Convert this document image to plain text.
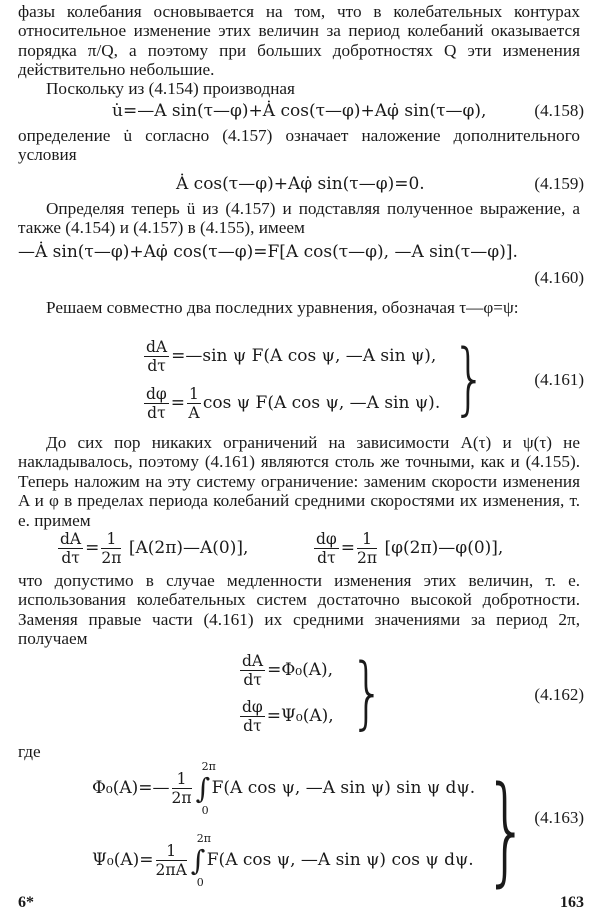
фазы колебания основывается на том, что в колебательных контурах относительное изменение этих величин за период колебаний оказывается порядка π/Q, а поэтому при больших добротностях Q эти изменения действительно небольшие.
Поскольку из (4.154) производная
u̇=—A sin(τ—φ)+Ȧ cos(τ—φ)+Aφ̇ sin(τ—φ),	(4.158)
определение u̇ согласно (4.157) означает наложение дополнительного условия
Ȧ cos(τ—φ)+Aφ̇ sin(τ—φ)=0.	(4.159)
Определяя теперь ü из (4.157) и подставляя полученное выражение, а также (4.154) и (4.157) в (4.155), имеем
—Ȧ sin(τ—φ)+Aφ̇ cos(τ—φ)=F[A cos(τ—φ), —A sin(τ—φ)].
(4.160)
Решаем совместно два последних уравнения, обозначая τ—φ=ψ:
$\frac{dA}{d\tau}$ =—sin ψ F(A cos ψ, —A sin ψ),
$\frac{d\varphi}{d\tau} = \frac{1}{A}$ cos ψ F(A cos ψ, —A sin ψ). }	(4.161)
До сих пор никаких ограничений на зависимости A(τ) и ψ(τ) не накладывалось, поэтому (4.161) являются столь же точными, как и (4.155). Теперь наложим на эту систему ограничение: заменим скорости изменения A и φ в пределах периода колебаний средними скоростями их изменения, т. е. примем
$\frac{dA}{d\tau} = \frac{1}{2\pi}$ [A(2π)—A(0)],	$\frac{d\varphi}{d\tau} = \frac{1}{2\pi}$ [φ(2π)—φ(0)],
что допустимо в случае медленности изменения этих величин, т. е. использования колебательных систем достаточно высокой добротности. Заменяя правые части (4.161) их средними значениями за период 2π, получаем
$\frac{dA}{d\tau} =\Phi_0(A)$,
$\frac{d\varphi}{d\tau} =\Psi_0(A)$, }	(4.162)
где
Φ₀(A)=— $\frac{1}{2\pi}$ ∫
2π
0
F(A cos ψ, —A sin ψ) sin ψ dψ.
$\Psi_0(A)= \frac{1}{2\pi A}$ ∫
2π
0
F(A cos ψ, —A sin ψ) cos ψ dψ. } (4.163)
6*	163
